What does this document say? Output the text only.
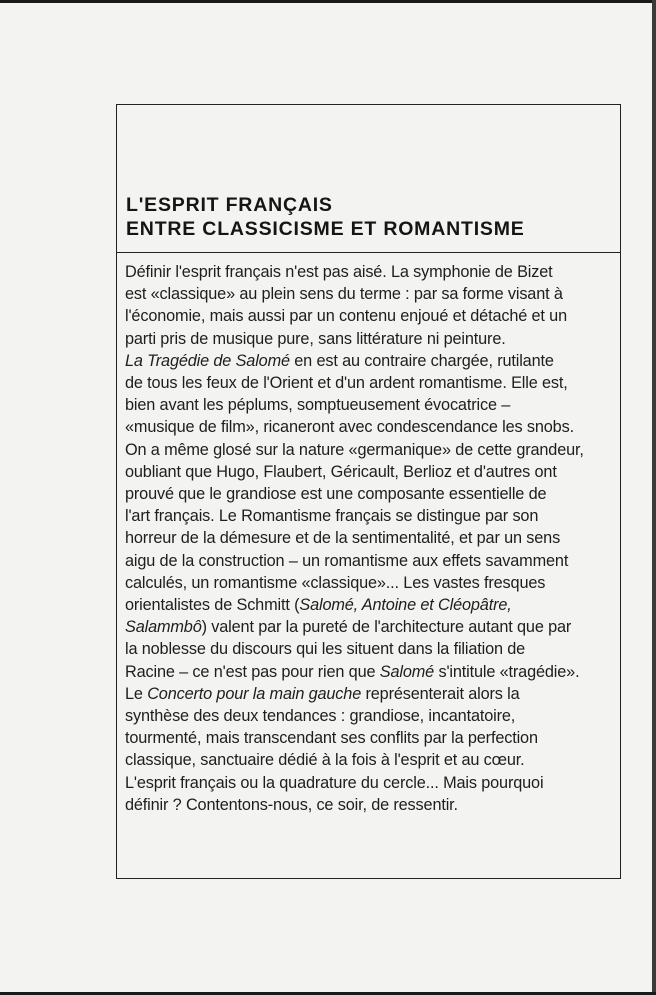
L'ESPRIT FRANÇAIS
ENTRE CLASSICISME ET ROMANTISME
Définir l'esprit français n'est pas aisé. La symphonie de Bizet
est «classique» au plein sens du terme : par sa forme visant à
l'économie, mais aussi par un contenu enjoué et détaché et un
parti pris de musique pure, sans littérature ni peinture.
La Tragédie de Salomé en est au contraire chargée, rutilante
de tous les feux de l'Orient et d'un ardent romantisme. Elle est,
bien avant les péplums, somptueusement évocatrice –
«musique de film», ricaneront avec condescendance les snobs.
On a même glosé sur la nature «germanique» de cette grandeur,
oubliant que Hugo, Flaubert, Géricault, Berlioz et d'autres ont
prouvé que le grandiose est une composante essentielle de
l'art français. Le Romantisme français se distingue par son
horreur de la démesure et de la sentimentalité, et par un sens
aigu de la construction – un romantisme aux effets savamment
calculés, un romantisme «classique»... Les vastes fresques
orientalistes de Schmitt (Salomé, Antoine et Cléopâtre,
Salammbô) valent par la pureté de l'architecture autant que par
la noblesse du discours qui les situent dans la filiation de
Racine – ce n'est pas pour rien que Salomé s'intitule «tragédie».
Le Concerto pour la main gauche représenterait alors la
synthèse des deux tendances : grandiose, incantatoire,
tourmenté, mais transcendant ses conflits par la perfection
classique, sanctuaire dédié à la fois à l'esprit et au cœur.
L'esprit français ou la quadrature du cercle... Mais pourquoi
définir ? Contentons-nous, ce soir, de ressentir.
